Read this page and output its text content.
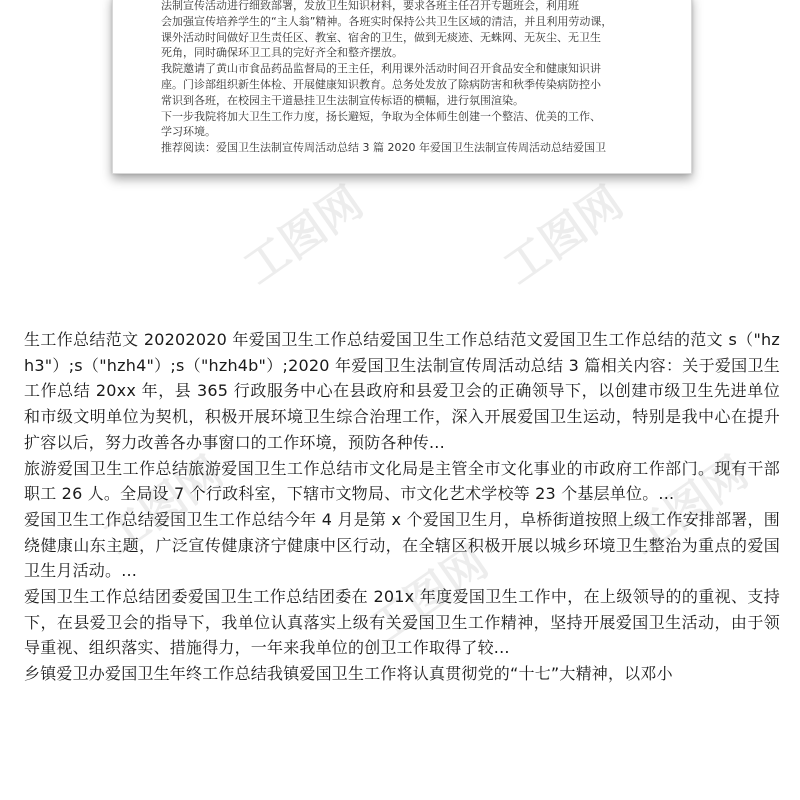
工图网	工图网
工图网
工图网
工图网
法制宣传活动进行细致部署，发放卫生知识材料，要求各班主任召开专题班会，利用班
会加强宣传培养学生的“主人翁”精神。各班实时保持公共卫生区域的清洁，并且利用劳动课，
课外活动时间做好卫生责任区、教室、宿舍的卫生，做到无痰迹、无蛛网、无灰尘、无卫生
死角，同时确保环卫工具的完好齐全和整齐摆放。
我院邀请了黄山市食品药品监督局的王主任，利用课外活动时间召开食品安全和健康知识讲
座。门诊部组织新生体检、开展健康知识教育。总务处发放了除病防害和秋季传染病防控小
常识到各班，在校园主干道悬挂卫生法制宣传标语的横幅，进行氛围渲染。
下一步我院将加大卫生工作力度，扬长避短，争取为全体师生创建一个整洁、优美的工作、
学习环境。
推荐阅读：爱国卫生法制宣传周活动总结 3 篇 2020 年爱国卫生法制宣传周活动总结爱国卫
生工作总结范文 20202020 年爱国卫生工作总结爱国卫生工作总结范文爱国卫生工作总结的范文 s（"hzh3"）;s（"hzh4"）;s（"hzh4b"）;2020 年爱国卫生法制宣传周活动总结 3 篇相关内容：关于爱国卫生工作总结 20xx 年，县 365 行政服务中心在县政府和县爱卫会的正确领导下，以创建市级卫生先进单位和市级文明单位为契机，积极开展环境卫生综合治理工作，深入开展爱国卫生运动，特别是我中心在提升扩容以后，努力改善各办事窗口的工作环境，预防各种传...
旅游爱国卫生工作总结旅游爱国卫生工作总结市文化局是主管全市文化事业的市政府工作部门。现有干部职工 26 人。全局设 7 个行政科室，下辖市文物局、市文化艺术学校等 23 个基层单位。...
爱国卫生工作总结爱国卫生工作总结今年 4 月是第 x 个爱国卫生月，阜桥街道按照上级工作安排部署，围绕健康山东主题，广泛宣传健康济宁健康中区行动，在全辖区积极开展以城乡环境卫生整治为重点的爱国卫生月活动。...
爱国卫生工作总结团委爱国卫生工作总结团委在 201x 年度爱国卫生工作中，在上级领导的的重视、支持下，在县爱卫会的指导下，我单位认真落实上级有关爱国卫生工作精神，坚持开展爱国卫生活动，由于领导重视、组织落实、措施得力，一年来我单位的创卫工作取得了较...
乡镇爱卫办爱国卫生年终工作总结我镇爱国卫生工作将认真贯彻党的“十七”大精神，以邓小
